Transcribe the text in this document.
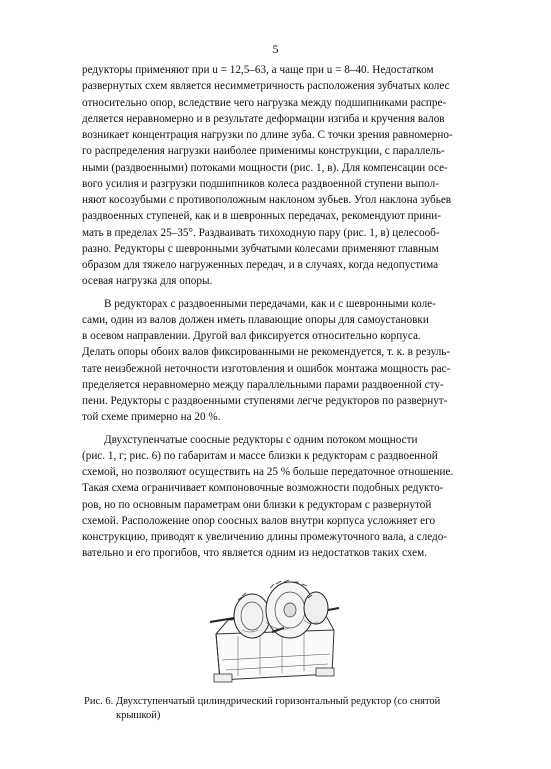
5
редукторы применяют при u = 12,5–63, а чаще при u = 8–40. Недостатком
развернутых схем является несимметричность расположения зубчатых колес
относительно опор, вследствие чего нагрузка между подшипниками распре-
деляется неравномерно и в результате деформации изгиба и кручения валов
возникает концентрация нагрузки по длине зуба. С точки зрения равномерно-
го распределения нагрузки наиболее применимы конструкции, с параллель-
ными (раздвоенными) потоками мощности (рис. 1, в). Для компенсации осе-
вого усилия и разгрузки подшипников колеса раздвоенной ступени выпол-
няют косозубыми с противоположным наклоном зубьев. Угол наклона зубьев
раздвоенных ступеней, как и в шевронных передачах, рекомендуют прини-
мать в пределах 25–35°. Раздваивать тихоходную пару (рис. 1, в) целесооб-
разно. Редукторы с шевронными зубчатыми колесами применяют главным
образом для тяжело нагруженных передач, и в случаях, когда недопустима
осевая нагрузка для опоры.
В редукторах с раздвоенными передачами, как и с шевронными коле-
сами, один из валов должен иметь плавающие опоры для самоустановки
в осевом направлении. Другой вал фиксируется относительно корпуса.
Делать опоры обоих валов фиксированными не рекомендуется, т. к. в резуль-
тате неизбежной неточности изготовления и ошибок монтажа мощность рас-
пределяется неравномерно между параллельными парами раздвоенной сту-
пени. Редукторы с раздвоенными ступенями легче редукторов по развернут-
той схеме примерно на 20 %.
Двухступенчатые соосные редукторы с одним потоком мощности
(рис. 1, г; рис. 6) по габаритам и массе близки к редукторам с раздвоенной
схемой, но позволяют осуществить на 25 % больше передаточное отношение.
Такая схема ограничивает компоновочные возможности подобных редукто-
ров, но по основным параметрам они близки к редукторам с развернутой
схемой. Расположение опор соосных валов внутри корпуса усложняет его
конструкцию, приводят к увеличению длины промежуточного вала, а следо-
вательно и его прогибов, что является одним из недостатков таких схем.
Рис. 6. Двухступенчатый цилиндрический горизонтальный редуктор (со снятой
крышкой)
